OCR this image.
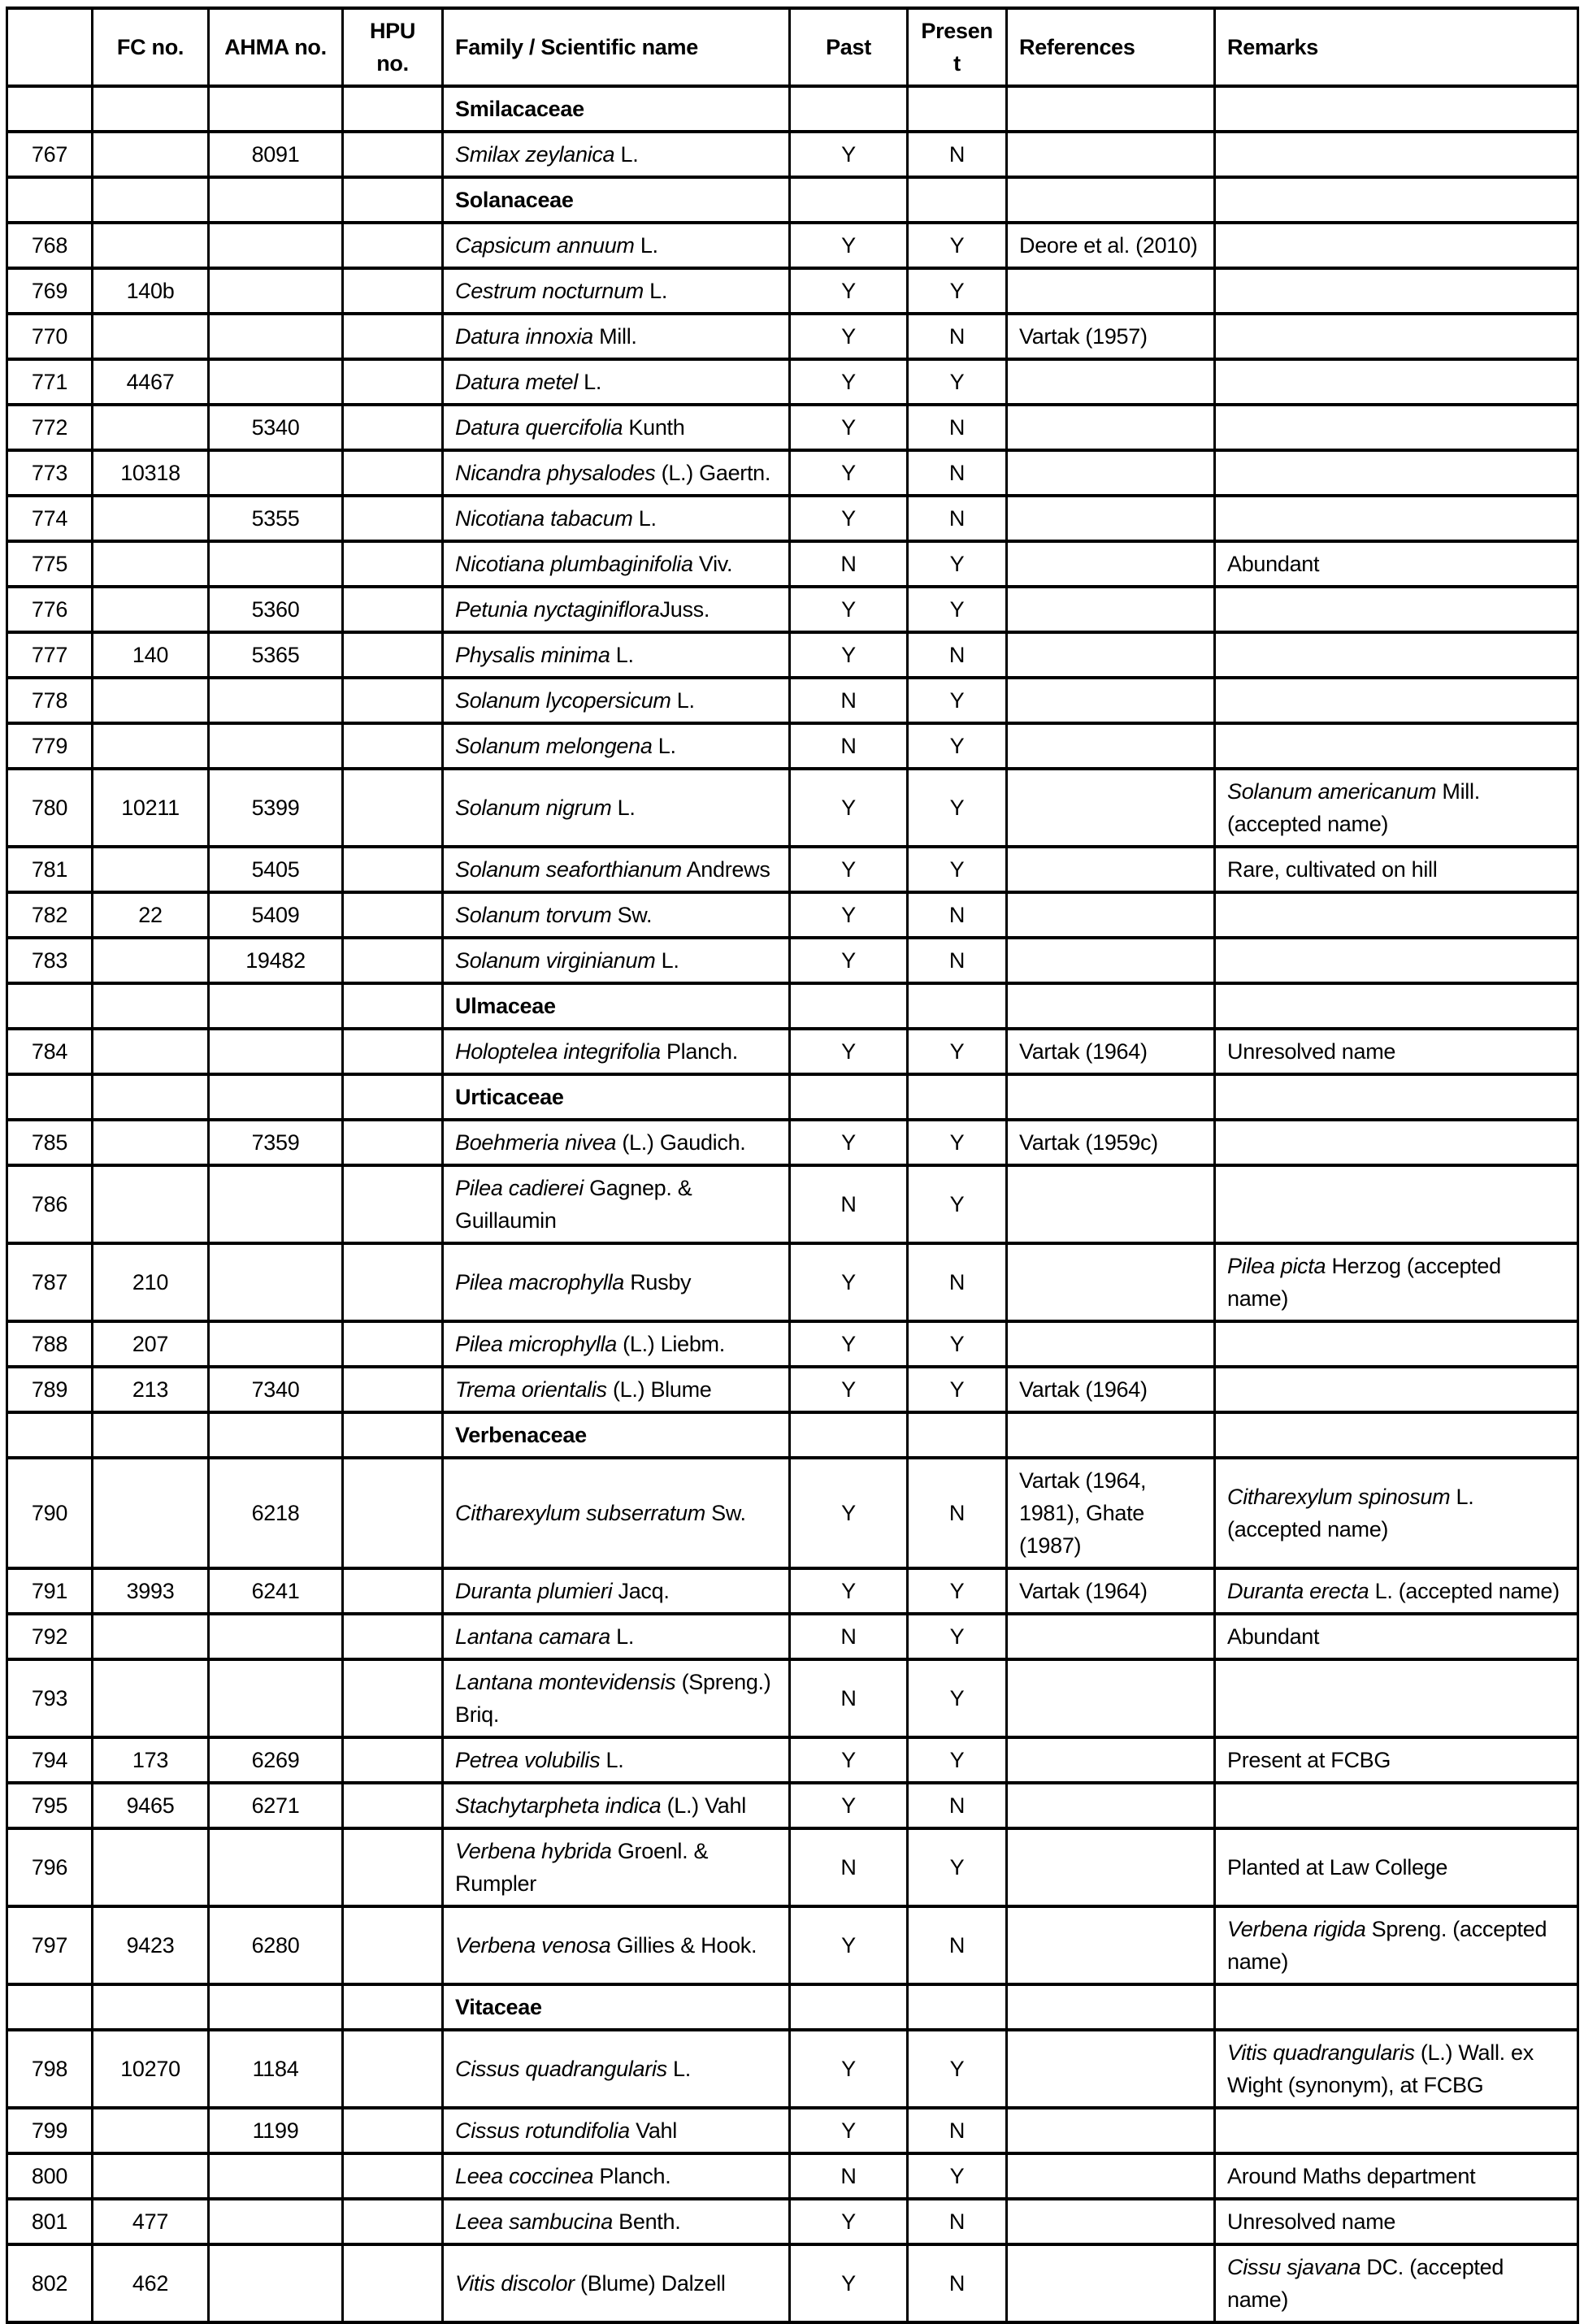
	FC no.	AHMA no.	HPU no.	Family / Scientific name	Past	Present	References	Remarks
				Smilacaceae				
767		8091		Smilax zeylanica L.	Y	N		
				Solanaceae				
768				Capsicum annuum L.	Y	Y	Deore et al. (2010)	
769	140b			Cestrum nocturnum L.	Y	Y		
770				Datura innoxia Mill.	Y	N	Vartak (1957)	
771	4467			Datura metel L.	Y	Y		
772		5340		Datura quercifolia Kunth	Y	N		
773	10318			Nicandra physalodes (L.) Gaertn.	Y	N		
774		5355		Nicotiana tabacum L.	Y	N		
775				Nicotiana plumbaginifolia Viv.	N	Y		Abundant
776		5360		Petunia nyctaginifloraJuss.	Y	Y		
777	140	5365		Physalis minima L.	Y	N		
778				Solanum lycopersicum L.	N	Y		
779				Solanum melongena L.	N	Y		
780	10211	5399		Solanum nigrum L.	Y	Y		Solanum americanum Mill. (accepted name)
781		5405		Solanum seaforthianum Andrews	Y	Y		Rare, cultivated on hill
782	22	5409		Solanum torvum Sw.	Y	N		
783		19482		Solanum virginianum L.	Y	N		
				Ulmaceae				
784				Holoptelea integrifolia Planch.	Y	Y	Vartak (1964)	Unresolved name
				Urticaceae				
785		7359		Boehmeria nivea (L.) Gaudich.	Y	Y	Vartak (1959c)	
786				Pilea cadierei Gagnep. & Guillaumin	N	Y		
787	210			Pilea macrophylla Rusby	Y	N		Pilea picta Herzog (accepted name)
788	207			Pilea microphylla (L.) Liebm.	Y	Y		
789	213	7340		Trema orientalis (L.) Blume	Y	Y	Vartak (1964)	
				Verbenaceae				
790		6218		Citharexylum subserratum Sw.	Y	N	Vartak (1964, 1981), Ghate (1987)	Citharexylum spinosum L. (accepted name)
791	3993	6241		Duranta plumieri Jacq.	Y	Y	Vartak (1964)	Duranta erecta L. (accepted name)
792				Lantana camara L.	N	Y		Abundant
793				Lantana montevidensis (Spreng.) Briq.	N	Y		
794	173	6269		Petrea volubilis L.	Y	Y		Present at FCBG
795	9465	6271		Stachytarpheta indica (L.) Vahl	Y	N		
796				Verbena hybrida Groenl. & Rumpler	N	Y		Planted at Law College
797	9423	6280		Verbena venosa Gillies & Hook.	Y	N		Verbena rigida Spreng. (accepted name)
				Vitaceae				
798	10270	1184		Cissus quadrangularis L.	Y	Y		Vitis quadrangularis (L.) Wall. ex Wight (synonym), at FCBG
799		1199		Cissus rotundifolia Vahl	Y	N		
800				Leea coccinea Planch.	N	Y		Around Maths department
801	477			Leea sambucina Benth.	Y	N		Unresolved name
802	462			Vitis discolor (Blume) Dalzell	Y	N		Cissu sjavana DC. (accepted name)
